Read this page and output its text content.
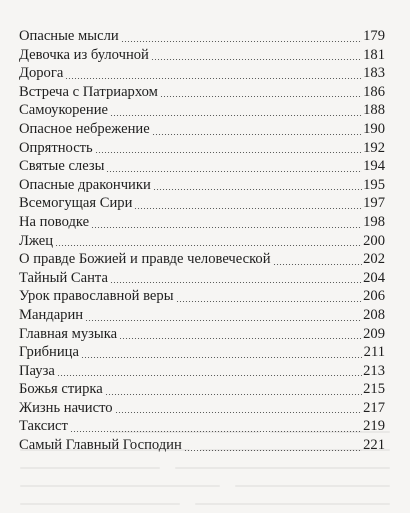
Опасные мысли	179
Девочка из булочной	181
Дорога	183
Встреча с Патриархом	186
Самоукорение	188
Опасное небрежение	190
Опрятность	192
Святые слезы	194
Опасные дракончики	195
Всемогущая Сири	197
На поводке	198
Лжец	200
О правде Божией и правде человеческой	202
Тайный Санта	204
Урок православной веры	206
Мандарин	208
Главная музыка	209
Грибница	211
Пауза	213
Божья стирка	215
Жизнь начисто	217
Таксист	219
Самый Главный Господин	221
